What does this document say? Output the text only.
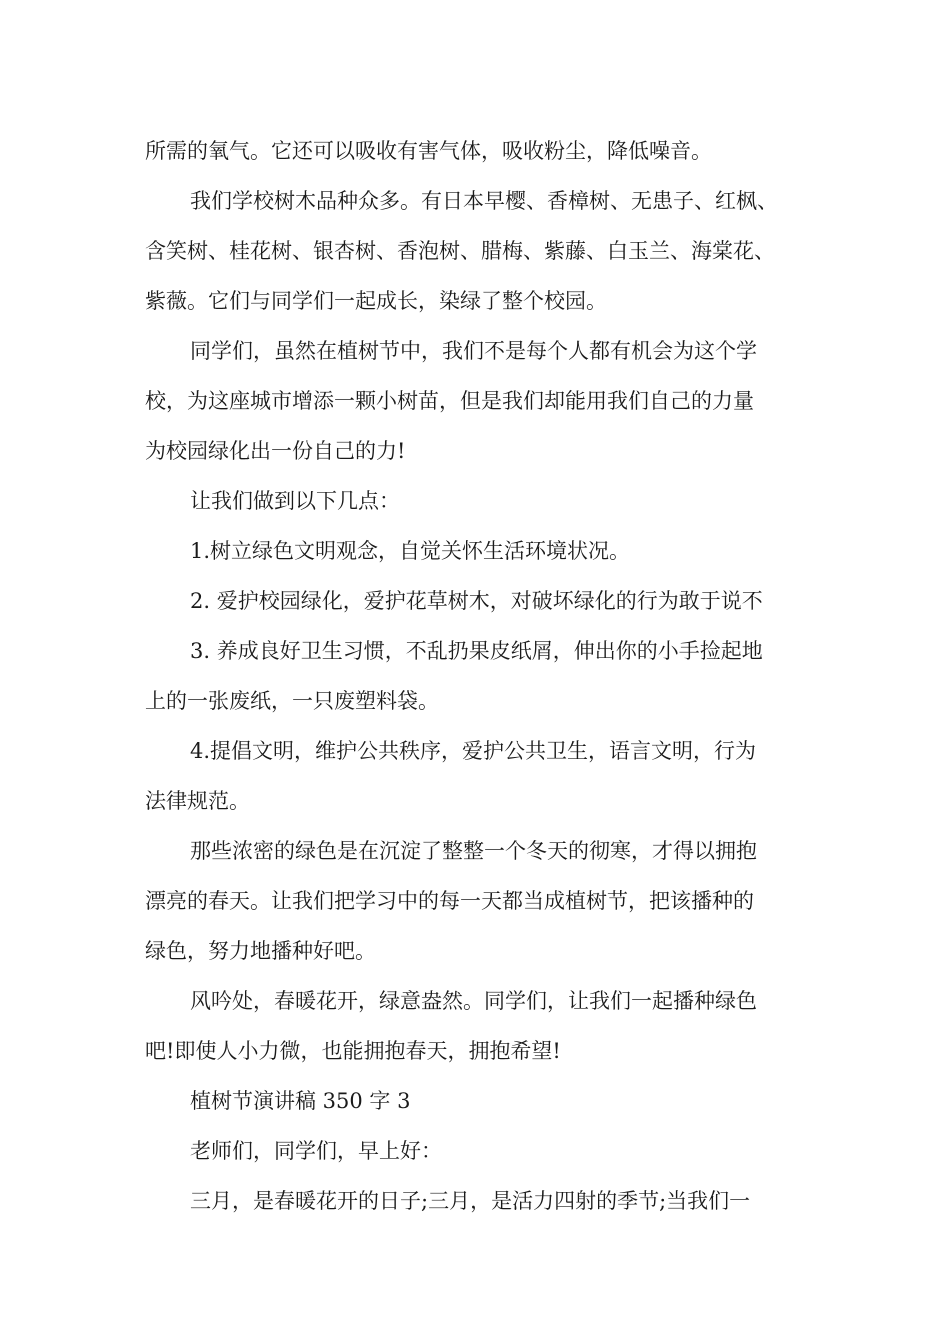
所需的氧气。它还可以吸收有害气体，吸收粉尘，降低噪音。

我们学校树木品种众多。有日本早樱、香樟树、无患子、红枫、

含笑树、桂花树、银杏树、香泡树、腊梅、紫藤、白玉兰、海棠花、

紫薇。它们与同学们一起成长，染绿了整个校园。

同学们，虽然在植树节中，我们不是每个人都有机会为这个学

校，为这座城市增添一颗小树苗，但是我们却能用我们自己的力量

为校园绿化出一份自己的力!

让我们做到以下几点：

1.树立绿色文明观念，自觉关怀生活环境状况。

2. 爱护校园绿化，爱护花草树木，对破坏绿化的行为敢于说不

3. 养成良好卫生习惯，不乱扔果皮纸屑，伸出你的小手捡起地

上的一张废纸，一只废塑料袋。

4.提倡文明，维护公共秩序，爱护公共卫生，语言文明，行为

法律规范。

那些浓密的绿色是在沉淀了整整一个冬天的彻寒，才得以拥抱

漂亮的春天。让我们把学习中的每一天都当成植树节，把该播种的

绿色，努力地播种好吧。

风吟处，春暖花开，绿意盎然。同学们，让我们一起播种绿色

吧!即使人小力微，也能拥抱春天，拥抱希望!

植树节演讲稿 350 字 3

老师们，同学们，早上好：

三月，是春暖花开的日子;三月，是活力四射的季节;当我们一
